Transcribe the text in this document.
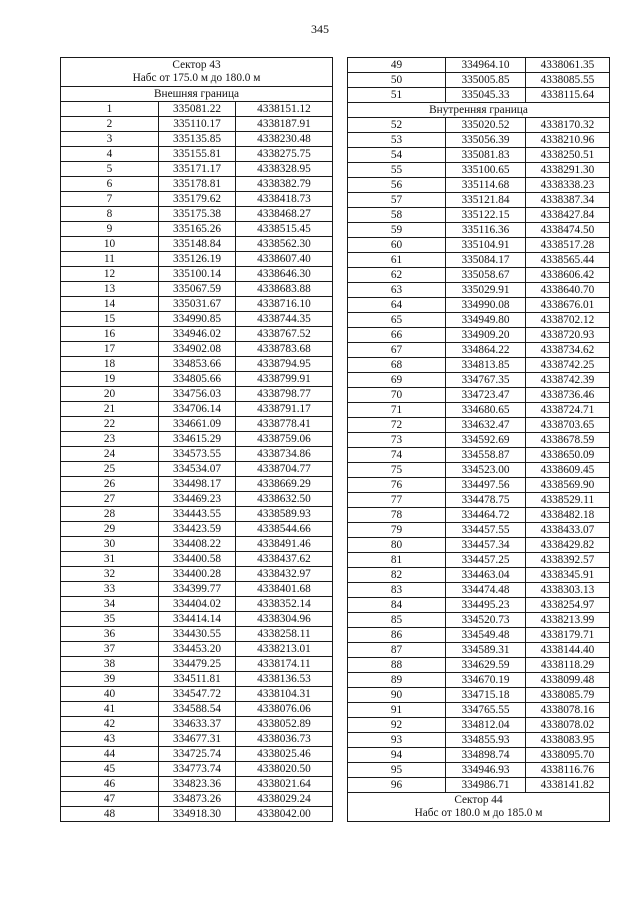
345
Сектор 43
Набс от 175.0 м до 180.0 м		

Внешняя граница		
1	335081.22	4338151.12
2	335110.17	4338187.91
3	335135.85	4338230.48
4	335155.81	4338275.75
5	335171.17	4338328.95
6	335178.81	4338382.79
7	335179.62	4338418.73
8	335175.38	4338468.27
9	335165.26	4338515.45
10	335148.84	4338562.30
11	335126.19	4338607.40
12	335100.14	4338646.30
13	335067.59	4338683.88
14	335031.67	4338716.10
15	334990.85	4338744.35
16	334946.02	4338767.52
17	334902.08	4338783.68
18	334853.66	4338794.95
19	334805.66	4338799.91
20	334756.03	4338798.77
21	334706.14	4338791.17
22	334661.09	4338778.41
23	334615.29	4338759.06
24	334573.55	4338734.86
25	334534.07	4338704.77
26	334498.17	4338669.29
27	334469.23	4338632.50
28	334443.55	4338589.93
29	334423.59	4338544.66
30	334408.22	4338491.46
31	334400.58	4338437.62
32	334400.28	4338432.97
33	334399.77	4338401.68
34	334404.02	4338352.14
35	334414.14	4338304.96
36	334430.55	4338258.11
37	334453.20	4338213.01
38	334479.25	4338174.11
39	334511.81	4338136.53
40	334547.72	4338104.31
41	334588.54	4338076.06
42	334633.37	4338052.89
43	334677.31	4338036.73
44	334725.74	4338025.46
45	334773.74	4338020.50
46	334823.36	4338021.64
47	334873.26	4338029.24
48	334918.30	4338042.00
49	334964.10	4338061.35
50	335005.85	4338085.55
51	335045.33	4338115.64
Внутренняя граница		
52	335020.52	4338170.32
53	335056.39	4338210.96
54	335081.83	4338250.51
55	335100.65	4338291.30
56	335114.68	4338338.23
57	335121.84	4338387.34
58	335122.15	4338427.84
59	335116.36	4338474.50
60	335104.91	4338517.28
61	335084.17	4338565.44
62	335058.67	4338606.42
63	335029.91	4338640.70
64	334990.08	4338676.01
65	334949.80	4338702.12
66	334909.20	4338720.93
67	334864.22	4338734.62
68	334813.85	4338742.25
69	334767.35	4338742.39
70	334723.47	4338736.46
71	334680.65	4338724.71
72	334632.47	4338703.65
73	334592.69	4338678.59
74	334558.87	4338650.09
75	334523.00	4338609.45
76	334497.56	4338569.90
77	334478.75	4338529.11
78	334464.72	4338482.18
79	334457.55	4338433.07
80	334457.34	4338429.82
81	334457.25	4338392.57
82	334463.04	4338345.91
83	334474.48	4338303.13
84	334495.23	4338254.97
85	334520.73	4338213.99
86	334549.48	4338179.71
87	334589.31	4338144.40
88	334629.59	4338118.29
89	334670.19	4338099.48
90	334715.18	4338085.79
91	334765.55	4338078.16
92	334812.04	4338078.02
93	334855.93	4338083.95
94	334898.74	4338095.70
95	334946.93	4338116.76
96	334986.71	4338141.82

Сектор 44
Набс от 180.0 м до 185.0 м		
